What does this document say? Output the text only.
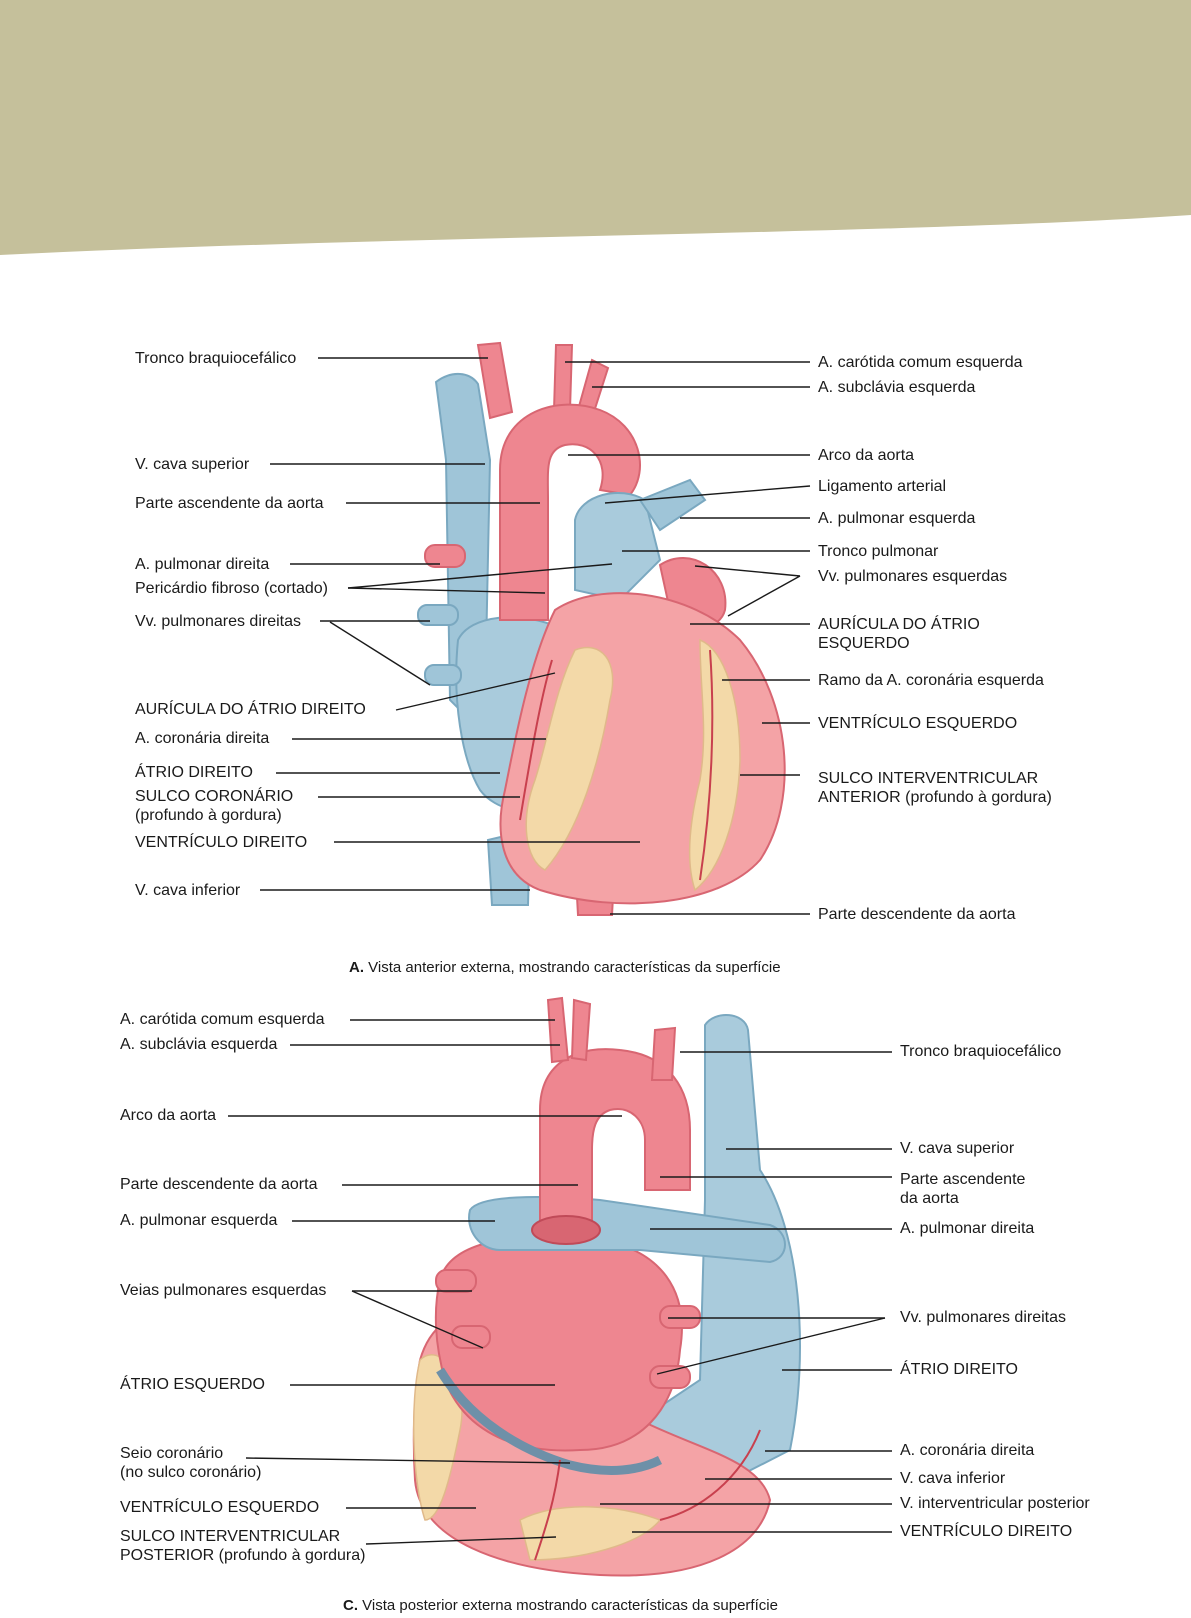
Tronco braquiocefálico
V. cava superior
Parte ascendente da aorta
A. pulmonar direita
Pericárdio fibroso (cortado)
Vv. pulmonares direitas
AURÍCULA DO ÁTRIO DIREITO
A. coronária direita
ÁTRIO DIREITO
SULCO CORONÁRIO
(profundo à gordura)
VENTRÍCULO DIREITO
V. cava inferior
A. carótida comum esquerda
A. subclávia esquerda
Arco da aorta
Ligamento arterial
A. pulmonar esquerda
Tronco pulmonar
Vv. pulmonares esquerdas
AURÍCULA DO ÁTRIO
ESQUERDO
Ramo da A. coronária esquerda
VENTRÍCULO ESQUERDO
SULCO INTERVENTRICULAR
ANTERIOR (profundo à gordura)
Parte descendente da aorta
A. Vista anterior externa, mostrando características da superfície
A. carótida comum esquerda
A. subclávia esquerda
Arco da aorta
Parte descendente da aorta
A. pulmonar esquerda
Veias pulmonares esquerdas
ÁTRIO ESQUERDO
Seio coronário
(no sulco coronário)
VENTRÍCULO ESQUERDO
SULCO INTERVENTRICULAR
POSTERIOR (profundo à gordura)
Tronco braquiocefálico
V. cava superior
Parte ascendente
da aorta
A. pulmonar direita
Vv. pulmonares direitas
ÁTRIO DIREITO
A. coronária direita
V. cava inferior
V. interventricular posterior
VENTRÍCULO DIREITO
C. Vista posterior externa mostrando características da superfície
